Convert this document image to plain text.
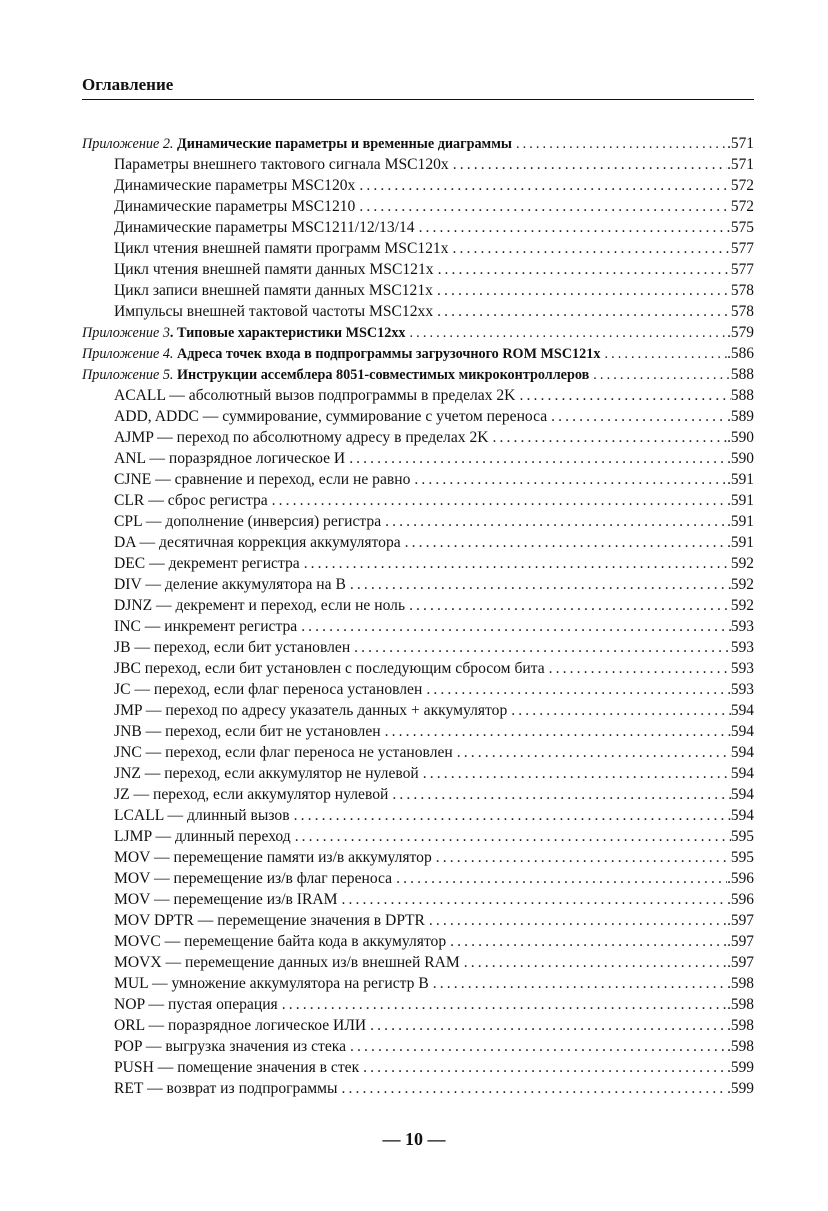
Оглавление
Приложение 2. Динамические параметры и временные диаграммы .....	.571
Параметры внешнего тактового сигнала MSC120x .....	.571
Динамические параметры MSC120x .....	572
Динамические параметры MSC1210 .....	572
Динамические параметры MSC1211/12/13/14 .....	575
Цикл чтения внешней памяти программ MSC121x .....	577
Цикл чтения внешней памяти данных MSC121x .....	577
Цикл записи внешней памяти данных MSC121x .....	578
Импульсы внешней тактовой частоты MSC12xx .....	578
Приложение 3. Типовые характеристики MSC12xx .....	.579
Приложение 4. Адреса точек входа в подпрограммы загрузочного ROM MSC121x .....	.586
Приложение 5. Инструкции ассемблера 8051-совместимых микроконтроллеров .....	588
ACALL — абсолютный вызов подпрограммы в пределах 2K .....	588
ADD, ADDC — суммирование, суммирование с учетом переноса .....	.589
AJMP — переход по абсолютному адресу в пределах 2K .....	.590
ANL — поразрядное логическое И .....	.590
CJNE — сравнение и переход, если не равно .....	.591
CLR — сброс регистра .....	.591
CPL — дополнение (инверсия) регистра .....	.591
DA — десятичная коррекция аккумулятора .....	.591
DEC — декремент регистра .....	592
DIV — деление аккумулятора на B .....	592
DJNZ — декремент и переход, если не ноль .....	592
INC — инкремент регистра .....	593
JB — переход, если бит установлен .....	593
JBC переход, если бит установлен с последующим сбросом бита .....	593
JC — переход, если флаг переноса установлен .....	593
JMP — переход по адресу указатель данных + аккумулятор .....	594
JNB — переход, если бит не установлен .....	594
JNC — переход, если флаг переноса не установлен .....	594
JNZ — переход, если аккумулятор не нулевой .....	594
JZ — переход, если аккумулятор нулевой .....	594
LCALL — длинный вызов .....	594
LJMP — длинный переход .....	595
MOV — перемещение памяти из/в аккумулятор .....	595
MOV — перемещение из/в флаг переноса .....	.596
MOV — перемещение из/в IRAM .....	.596
MOV DPTR — перемещение значения в DPTR .....	.597
MOVC — перемещение байта кода в аккумулятор .....	.597
MOVX — перемещение данных из/в внешней RAM .....	.597
MUL — умножение аккумулятора на регистр B .....	.598
NOP — пустая операция .....	.598
ORL — поразрядное логическое ИЛИ .....	.598
POP — выгрузка значения из стека .....	.598
PUSH — помещение значения в стек .....	.599
RET — возврат из подпрограммы .....	.599
— 10 —
